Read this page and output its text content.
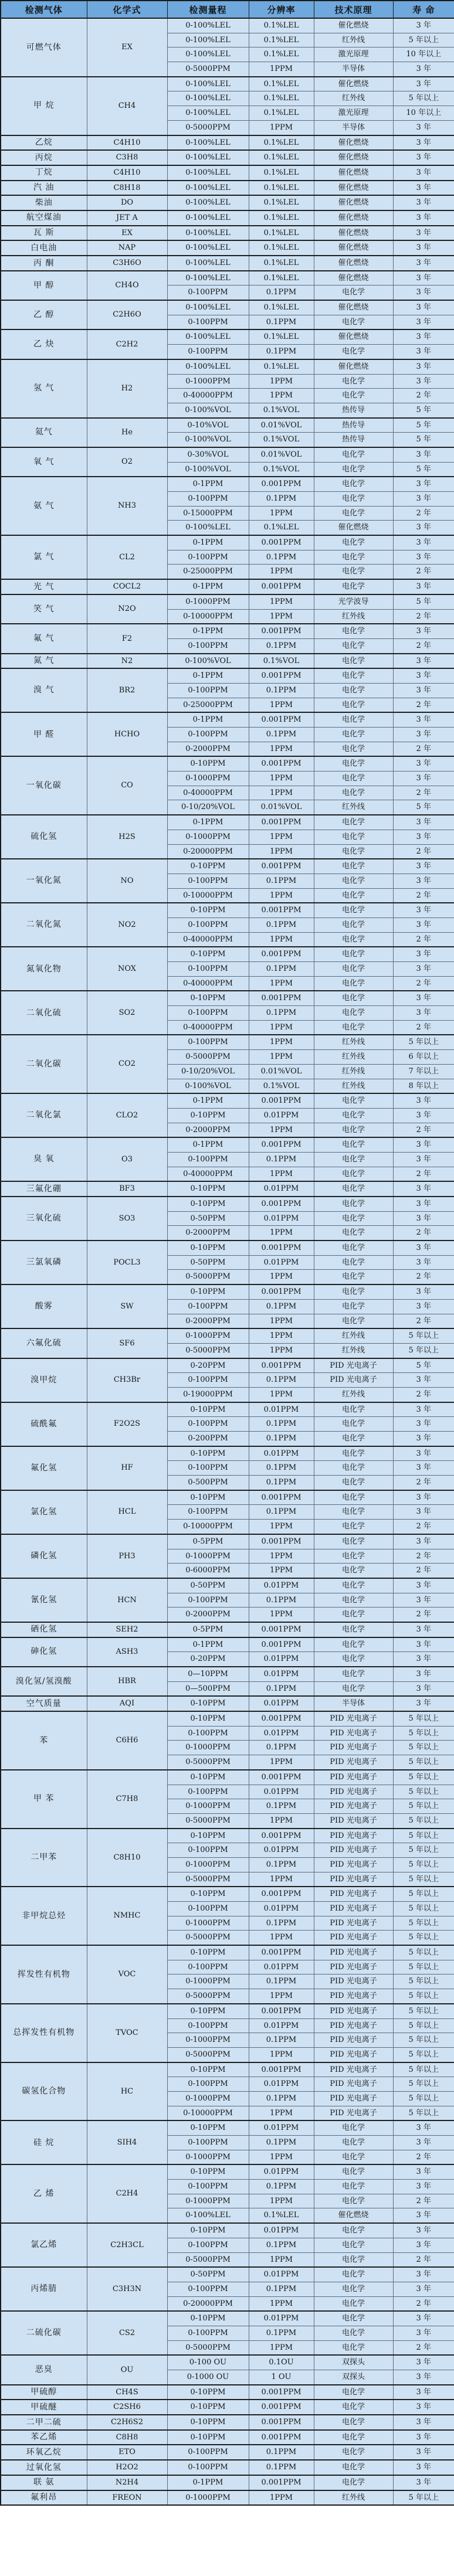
检测气体	化学式	检测量程	分辨率	技术原理	寿 命
可燃气体	EX	0-100%LEL	0.1%LEL	催化燃烧	3 年
		0-100%LEL	0.1%LEL	红外线	5 年以上
		0-100%LEL	0.1%LEL	激光原理	10 年以上
		0-5000PPM	1PPM	半导体	3 年
甲 烷	CH4	0-100%LEL	0.1%LEL	催化燃烧	3 年
		0-100%LEL	0.1%LEL	红外线	5 年以上
		0-100%LEL	0.1%LEL	激光原理	10 年以上
		0-5000PPM	1PPM	半导体	3 年
乙烷	C4H10	0-100%LEL	0.1%LEL	催化燃烧	3 年
丙烷	C3H8	0-100%LEL	0.1%LEL	催化燃烧	3 年
丁烷	C4H10	0-100%LEL	0.1%LEL	催化燃烧	3 年
汽 油	C8H18	0-100%LEL	0.1%LEL	催化燃烧	3 年
柴油	DO	0-100%LEL	0.1%LEL	催化燃烧	3 年
航空煤油	JET A	0-100%LEL	0.1%LEL	催化燃烧	3 年
瓦 斯	EX	0-100%LEL	0.1%LEL	催化燃烧	3 年
白电油	NAP	0-100%LEL	0.1%LEL	催化燃烧	3 年
丙 酮	C3H6O	0-100%LEL	0.1%LEL	催化燃烧	3 年
甲 醇	CH4O	0-100%LEL	0.1%LEL	催化燃烧	3 年
		0-100PPM	0.1PPM	电化学	3 年
乙 醇	C2H6O	0-100%LEL	0.1%LEL	催化燃烧	3 年
		0-100PPM	0.1PPM	电化学	3 年
乙 炔	C2H2	0-100%LEL	0.1%LEL	催化燃烧	3 年
		0-100PPM	0.1PPM	电化学	3 年
氢 气	H2	0-100%LEL	0.1%LEL	催化燃烧	3 年
		0-1000PPM	1PPM	电化学	3 年
		0-40000PPM	1PPM	电化学	2 年
		0-100%VOL	0.1%VOL	热传导	5 年
氦气	He	0-10%VOL	0.01%VOL	热传导	5 年
		0-100%VOL	0.1%VOL	热传导	5 年
氧 气	O2	0-30%VOL	0.01%VOL	电化学	3 年
		0-100%VOL	0.1%VOL	电化学	5 年
氨 气	NH3	0-1PPM	0.001PPM	电化学	3 年
		0-100PPM	0.1PPM	电化学	3 年
		0-15000PPM	1PPM	电化学	2 年
		0-100%LEL	0.1%LEL	催化燃烧	3 年
氯 气	CL2	0-1PPM	0.001PPM	电化学	3 年
		0-100PPM	0.1PPM	电化学	3 年
		0-25000PPM	1PPM	电化学	2 年
光 气	COCL2	0-1PPM	0.001PPM	电化学	3 年
笑 气	N2O	0-1000PPM	1PPM	光学波导	5 年
		0-10000PPM	1PPM	红外线	2 年
氟 气	F2	0-1PPM	0.001PPM	电化学	3 年
		0-100PPM	0.1PPM	电化学	2 年
氮 气	N2	0-100%VOL	0.1%VOL	电化学	3 年
溴 气	BR2	0-1PPM	0.001PPM	电化学	3 年
		0-100PPM	0.1PPM	电化学	3 年
		0-25000PPM	1PPM	电化学	2 年
甲 醛	HCHO	0-1PPM	0.001PPM	电化学	3 年
		0-100PPM	0.1PPM	电化学	3 年
		0-2000PPM	1PPM	电化学	2 年
一氧化碳	CO	0-10PPM	0.001PPM	电化学	3 年
		0-1000PPM	1PPM	电化学	3 年
		0-40000PPM	1PPM	电化学	2 年
		0-10/20%VOL	0.01%VOL	红外线	5 年
硫化氢	H2S	0-1PPM	0.001PPM	电化学	3 年
		0-1000PPM	1PPM	电化学	3 年
		0-20000PPM	1PPM	电化学	2 年
一氧化氮	NO	0-10PPM	0.001PPM	电化学	3 年
		0-100PPM	0.1PPM	电化学	3 年
		0-10000PPM	1PPM	电化学	2 年
二氧化氮	NO2	0-10PPM	0.001PPM	电化学	3 年
		0-100PPM	0.1PPM	电化学	3 年
		0-40000PPM	1PPM	电化学	2 年
氮氧化物	NOX	0-10PPM	0.001PPM	电化学	3 年
		0-100PPM	0.1PPM	电化学	3 年
		0-40000PPM	1PPM	电化学	2 年
二氧化硫	SO2	0-10PPM	0.001PPM	电化学	3 年
		0-100PPM	0.1PPM	电化学	3 年
		0-40000PPM	1PPM	电化学	2 年
二氧化碳	CO2	0-100PPM	1PPM	红外线	5 年以上
		0-5000PPM	1PPM	红外线	6 年以上
		0-10/20%VOL	0.01%VOL	红外线	7 年以上
		0-100%VOL	0.1%VOL	红外线	8 年以上
二氧化氯	CLO2	0-1PPM	0.001PPM	电化学	3 年
		0-10PPM	0.01PPM	电化学	3 年
		0-2000PPM	1PPM	电化学	2 年
臭 氧	O3	0-1PPM	0.001PPM	电化学	3 年
		0-100PPM	0.1PPM	电化学	3 年
		0-40000PPM	1PPM	电化学	2 年
三氟化硼	BF3	0-10PPM	0.01PPM	电化学	3 年
三氧化硫	SO3	0-10PPM	0.001PPM	电化学	3 年
		0-50PPM	0.01PPM	电化学	3 年
		0-2000PPM	1PPM	电化学	2 年
三氯氧磷	POCL3	0-10PPM	0.001PPM	电化学	3 年
		0-50PPM	0.01PPM	电化学	3 年
		0-5000PPM	1PPM	电化学	2 年
酸雾	SW	0-10PPM	0.001PPM	电化学	3 年
		0-100PPM	0.1PPM	电化学	3 年
		0-2000PPM	1PPM	电化学	2 年
六氟化硫	SF6	0-1000PPM	1PPM	红外线	5 年以上
		0-5000PPM	1PPM	红外线	5 年以上
溴甲烷	CH3Br	0-20PPM	0.001PPM	PID 光电离子	5 年
		0-100PPM	0.1PPM	PID 光电离子	3 年
		0-19000PPM	1PPM	红外线	2 年
硫酰氟	F2O2S	0-10PPM	0.01PPM	电化学	3 年
		0-100PPM	0.1PPM	电化学	3 年
		0-200PPM	0.1PPM	电化学	3 年
氟化氢	HF	0-10PPM	0.01PPM	电化学	3 年
		0-100PPM	0.1PPM	电化学	3 年
		0-500PPM	0.1PPM	电化学	2 年
氯化氢	HCL	0-10PPM	0.001PPM	电化学	3 年
		0-100PPM	0.1PPM	电化学	3 年
		0-10000PPM	1PPM	电化学	2 年
磷化氢	PH3	0-5PPM	0.001PPM	电化学	3 年
		0-1000PPM	1PPM	电化学	2 年
		0-6000PPM	1PPM	电化学	2 年
氰化氢	HCN	0-50PPM	0.01PPM	电化学	3 年
		0-100PPM	0.1PPM	电化学	3 年
		0-2000PPM	1PPM	电化学	2 年
硒化氢	SEH2	0-5PPM	0.001PPM	电化学	3 年
砷化氢	ASH3	0-1PPM	0.001PPM	电化学	3 年
		0-20PPM	0.01PPM	电化学	3 年
溴化氢/氢溴酸	HBR	0—10PPM	0.01PPM	电化学	3 年
		0—500PPM	0.1PPM	电化学	3 年
空气质量	AQI	0-10PPM	0.01PPM	半导体	3 年
苯	C6H6	0-10PPM	0.001PPM	PID 光电离子	5 年以上
		0-100PPM	0.01PPM	PID 光电离子	5 年以上
		0-1000PPM	0.1PPM	PID 光电离子	5 年以上
		0-5000PPM	1PPM	PID 光电离子	5 年以上
甲 苯	C7H8	0-10PPM	0.001PPM	PID 光电离子	5 年以上
		0-100PPM	0.01PPM	PID 光电离子	5 年以上
		0-1000PPM	0.1PPM	PID 光电离子	5 年以上
		0-5000PPM	1PPM	PID 光电离子	5 年以上
二甲苯	C8H10	0-10PPM	0.001PPM	PID 光电离子	5 年以上
		0-100PPM	0.01PPM	PID 光电离子	5 年以上
		0-1000PPM	0.1PPM	PID 光电离子	5 年以上
		0-5000PPM	1PPM	PID 光电离子	5 年以上
非甲烷总烃	NMHC	0-10PPM	0.001PPM	PID 光电离子	5 年以上
		0-100PPM	0.01PPM	PID 光电离子	5 年以上
		0-1000PPM	0.1PPM	PID 光电离子	5 年以上
		0-5000PPM	1PPM	PID 光电离子	5 年以上
挥发性有机物	VOC	0-10PPM	0.001PPM	PID 光电离子	5 年以上
		0-100PPM	0.01PPM	PID 光电离子	5 年以上
		0-1000PPM	0.1PPM	PID 光电离子	5 年以上
		0-5000PPM	1PPM	PID 光电离子	5 年以上
总挥发性有机物	TVOC	0-10PPM	0.001PPM	PID 光电离子	5 年以上
		0-100PPM	0.01PPM	PID 光电离子	5 年以上
		0-1000PPM	0.1PPM	PID 光电离子	5 年以上
		0-5000PPM	1PPM	PID 光电离子	5 年以上
碳氢化合物	HC	0-10PPM	0.001PPM	PID 光电离子	5 年以上
		0-100PPM	0.01PPM	PID 光电离子	5 年以上
		0-1000PPM	0.1PPM	PID 光电离子	5 年以上
		0-10000PPM	1PPM	PID 光电离子	5 年以上
硅 烷	SIH4	0-10PPM	0.01PPM	电化学	3 年
		0-100PPM	0.1PPM	电化学	3 年
		0-1000PPM	1PPM	电化学	2 年
乙 烯	C2H4	0-10PPM	0.01PPM	电化学	3 年
		0-100PPM	0.1PPM	电化学	3 年
		0-1000PPM	1PPM	电化学	2 年
		0-100%LEL	0.1%LEL	催化燃烧	3 年
氯乙烯	C2H3CL	0-10PPM	0.01PPM	电化学	3 年
		0-100PPM	0.1PPM	电化学	3 年
		0-5000PPM	1PPM	电化学	2 年
丙烯腈	C3H3N	0-50PPM	0.01PPM	电化学	3 年
		0-100PPM	0.1PPM	电化学	3 年
		0-20000PPM	1PPM	电化学	2 年
二硫化碳	CS2	0-10PPM	0.01PPM	电化学	3 年
		0-100PPM	0.1PPM	电化学	3 年
		0-5000PPM	1PPM	电化学	2 年
恶臭	OU	0-100 OU	0.1OU	双探头	3 年
		0-1000 OU	1 OU	双探头	3 年
甲硫醇	CH4S	0-10PPM	0.001PPM	电化学	3 年
甲硫醚	C2SH6	0-10PPM	0.001PPM	电化学	3 年
二甲二硫	C2H6S2	0-10PPM	0.001PPM	电化学	3 年
苯乙烯	C8H8	0-10PPM	0.001PPM	电化学	3 年
环氧乙烷	ETO	0-100PPM	0.1PPM	电化学	3 年
过氧化氢	H2O2	0-100PPM	0.1PPM	电化学	3 年
联 氨	N2H4	0-1PPM	0.001PPM	电化学	3 年
氟利昂	FREON	0-1000PPM	1PPM	红外线	5 年以上
